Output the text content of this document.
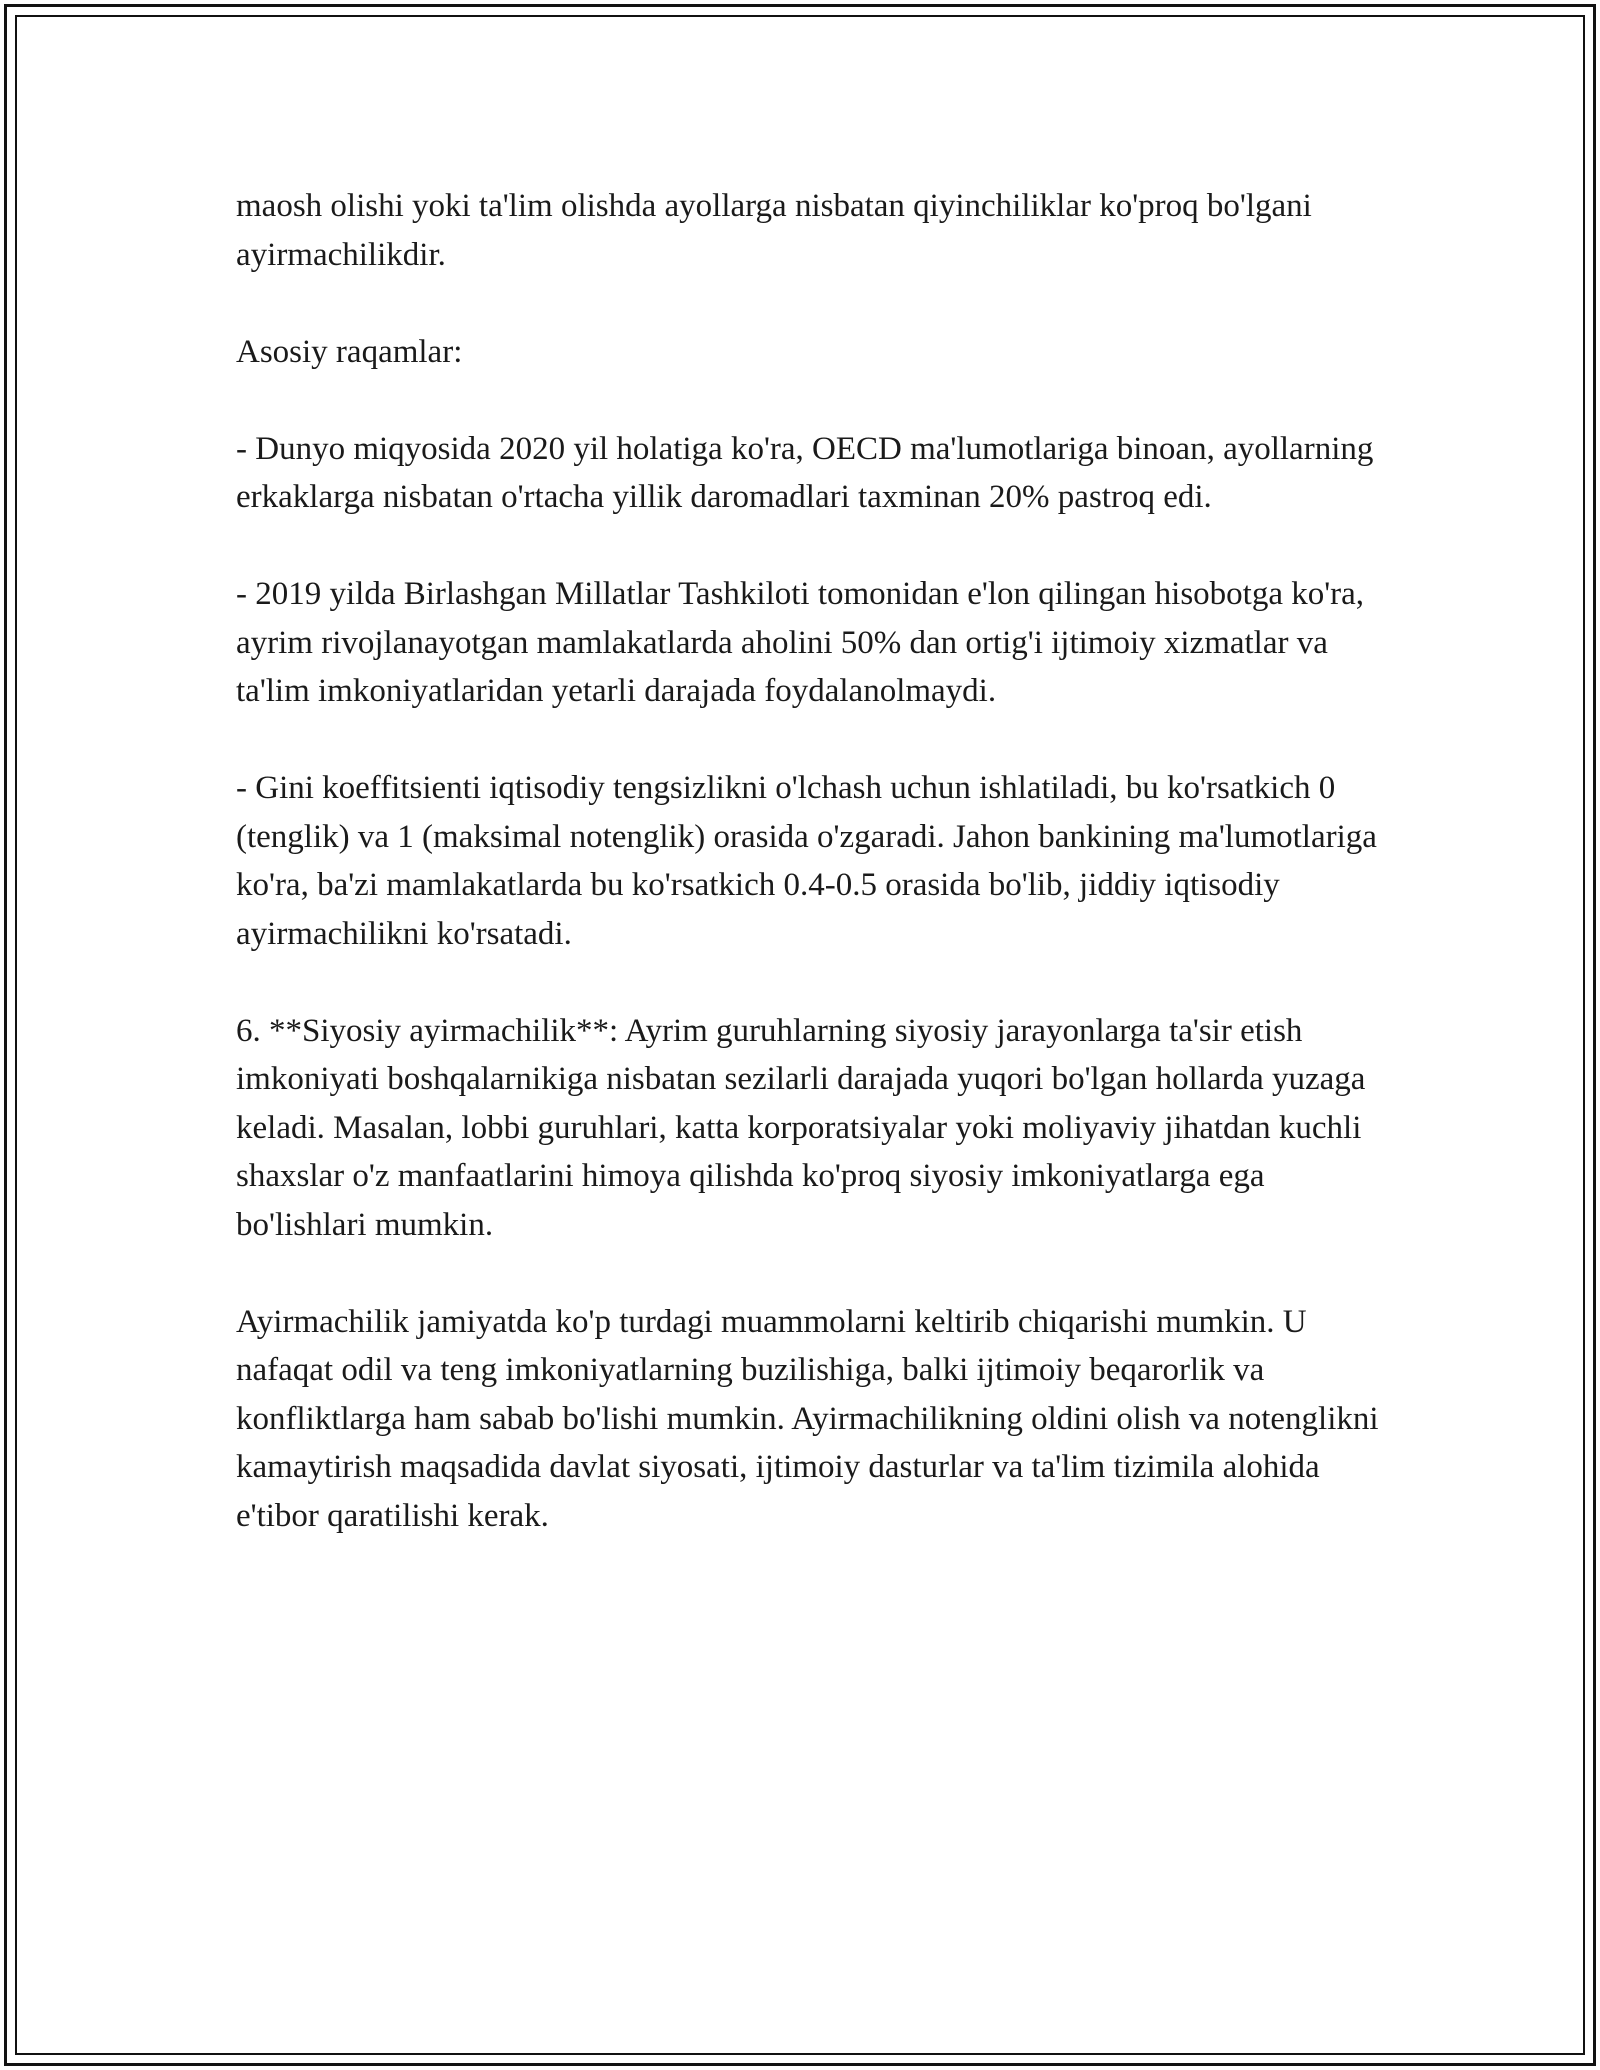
maosh olishi yoki ta'lim olishda ayollarga nisbatan qiyinchiliklar ko'proq bo'lgani ayirmachilikdir.

Asosiy raqamlar:

- Dunyo miqyosida 2020 yil holatiga ko'ra, OECD ma'lumotlariga binoan, ayollarning erkaklarga nisbatan o'rtacha yillik daromadlari taxminan 20% pastroq edi.

- 2019 yilda Birlashgan Millatlar Tashkiloti tomonidan e'lon qilingan hisobotga ko'ra, ayrim rivojlanayotgan mamlakatlarda aholini 50% dan ortig'i ijtimoiy xizmatlar va ta'lim imkoniyatlaridan yetarli darajada foydalanolmaydi.

- Gini koeffitsienti iqtisodiy tengsizlikni o'lchash uchun ishlatiladi, bu ko'rsatkich 0 (tenglik) va 1 (maksimal notenglik) orasida o'zgaradi. Jahon bankining ma'lumotlariga ko'ra, ba'zi mamlakatlarda bu ko'rsatkich 0.4-0.5 orasida bo'lib, jiddiy iqtisodiy ayirmachilikni ko'rsatadi.

6. **Siyosiy ayirmachilik**: Ayrim guruhlarning siyosiy jarayonlarga ta'sir etish imkoniyati boshqalarnikiga nisbatan sezilarli darajada yuqori bo'lgan hollarda yuzaga keladi. Masalan, lobbi guruhlari, katta korporatsiyalar yoki moliyaviy jihatdan kuchli shaxslar o'z manfaatlarini himoya qilishda ko'proq siyosiy imkoniyatlarga ega bo'lishlari mumkin.

Ayirmachilik jamiyatda ko'p turdagi muammolarni keltirib chiqarishi mumkin. U nafaqat odil va teng imkoniyatlarning buzilishiga, balki ijtimoiy beqarorlik va konfliktlarga ham sabab bo'lishi mumkin. Ayirmachilikning oldini olish va notenglikni kamaytirish maqsadida davlat siyosati, ijtimoiy dasturlar va ta'lim tizimila alohida e'tibor qaratilishi kerak.
